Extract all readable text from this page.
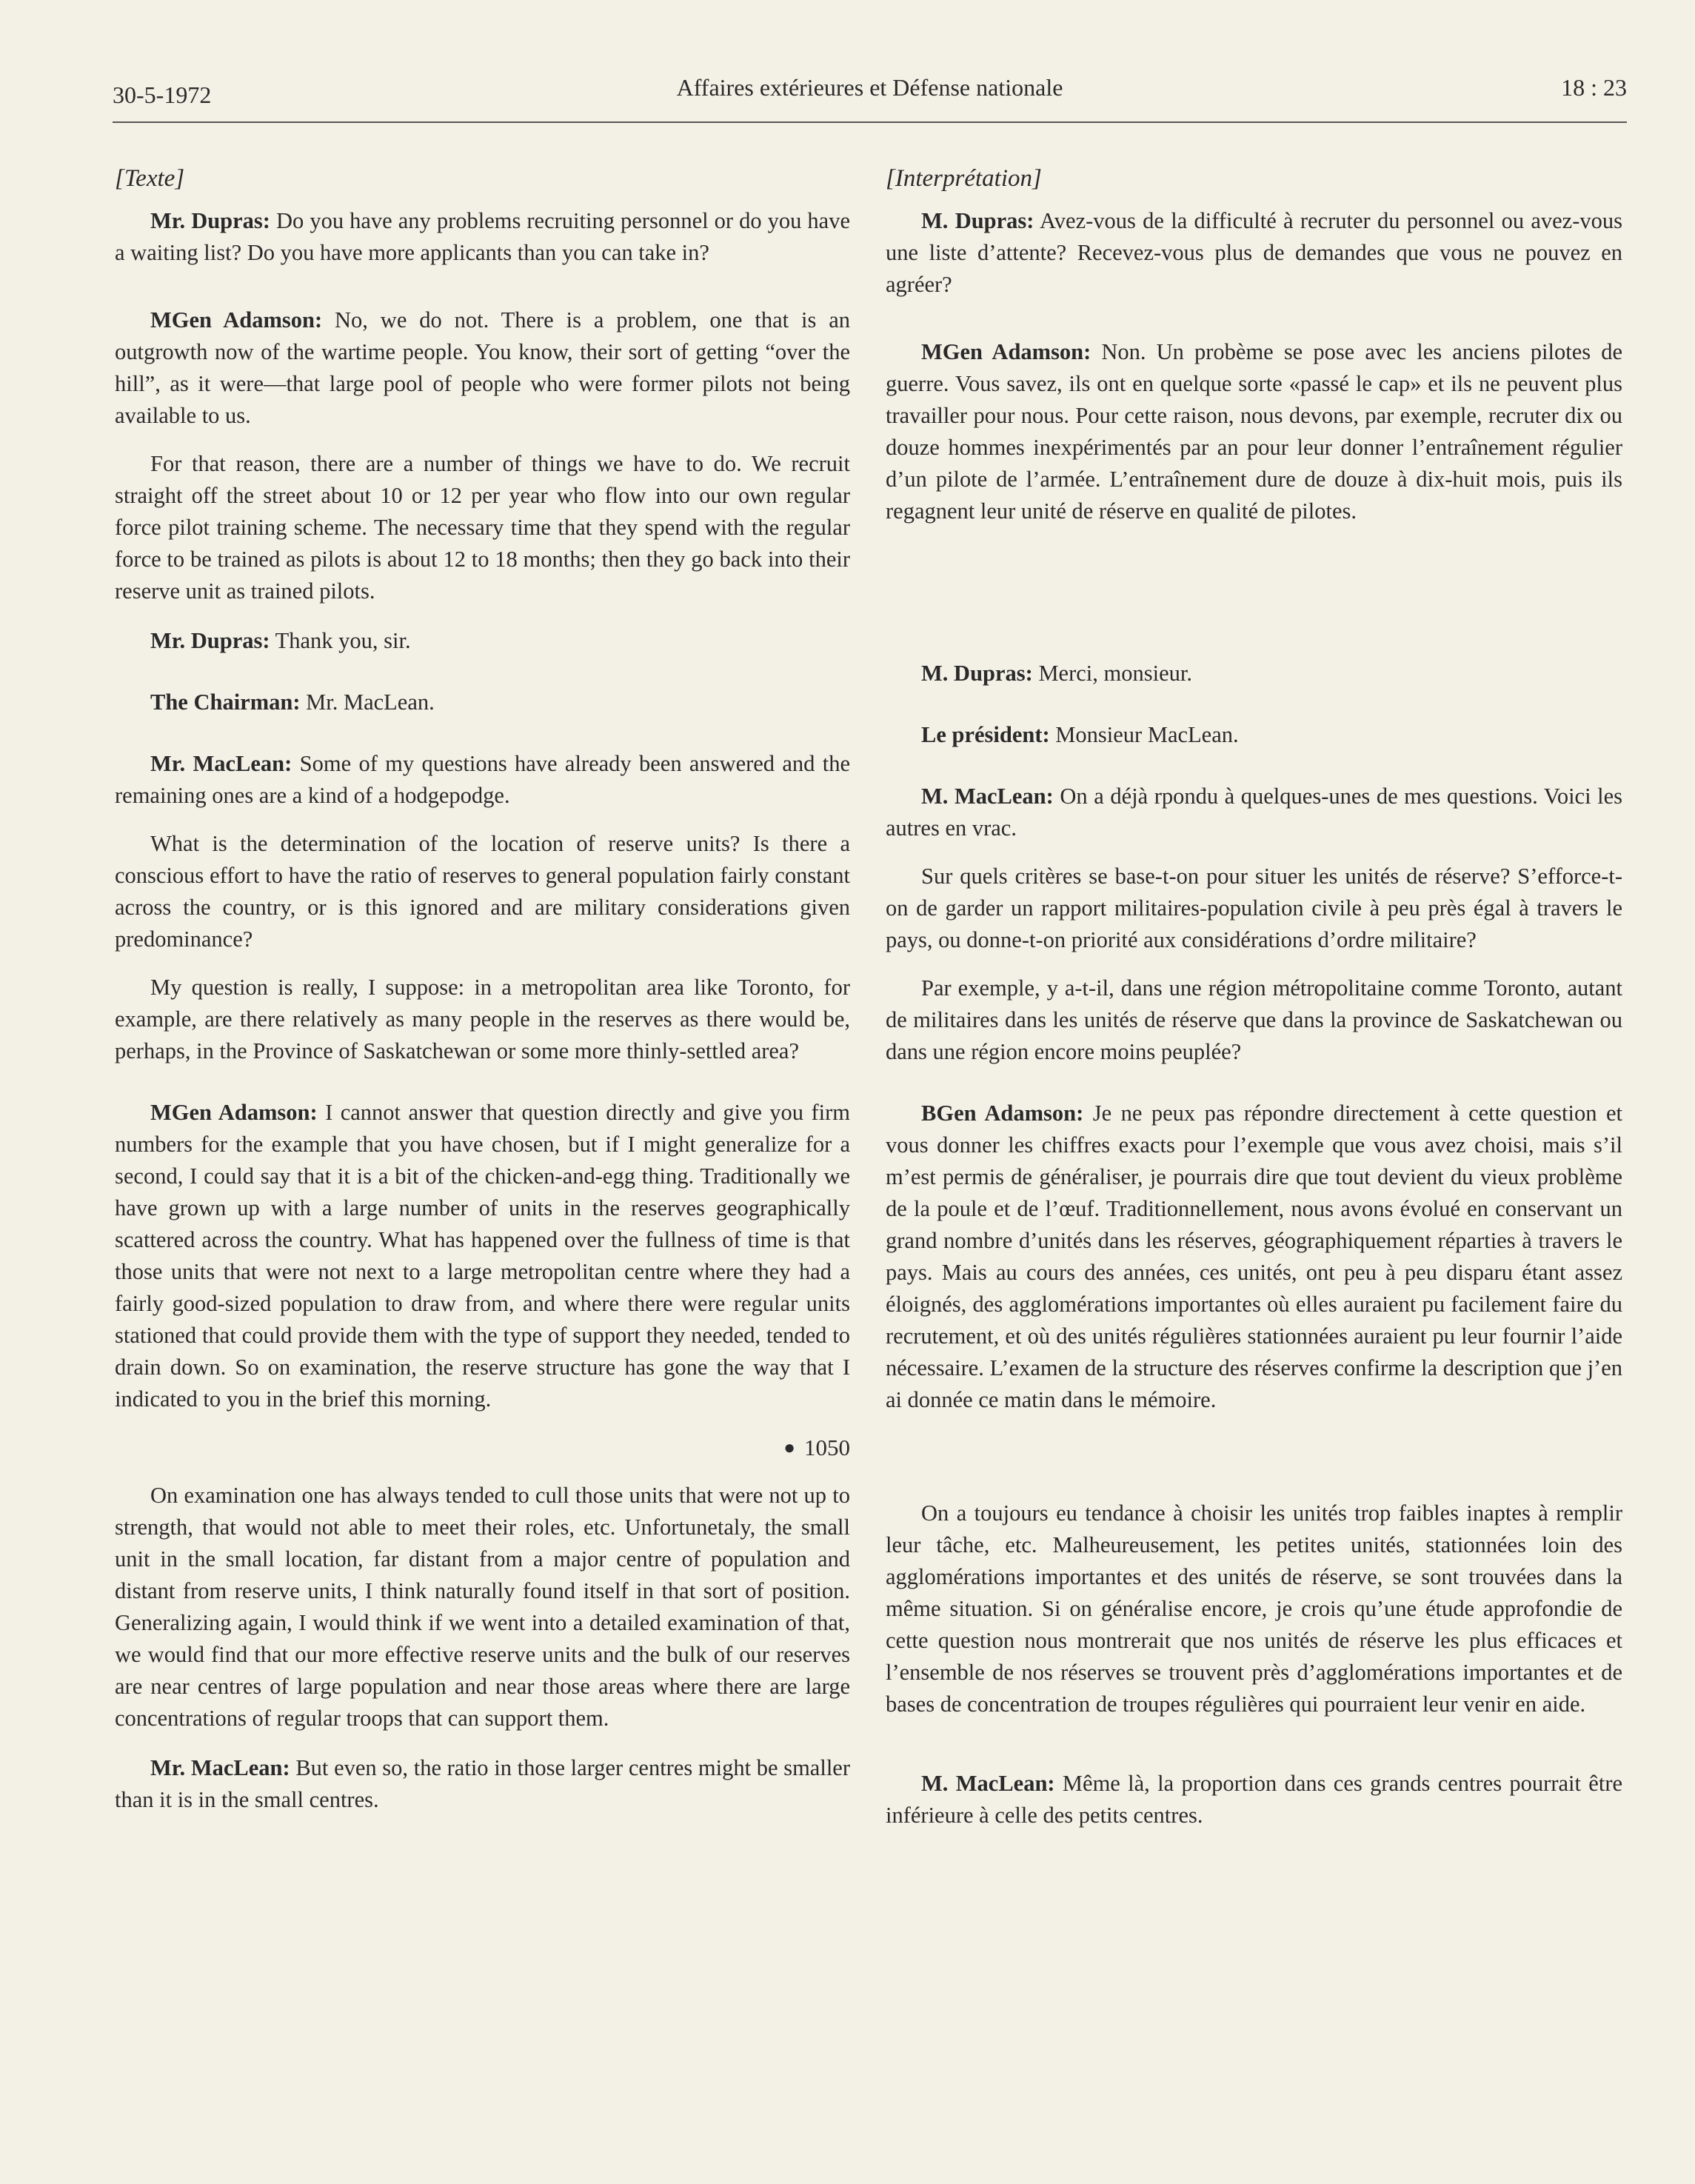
30-5-1972	Affaires extérieures et Défense nationale	18 : 23
[Texte]

Mr. Dupras: Do you have any problems recruiting personnel or do you have a waiting list? Do you have more applicants than you can take in?

MGen Adamson: No, we do not. There is a problem, one that is an outgrowth now of the wartime people. You know, their sort of getting “over the hill”, as it were—that large pool of people who were former pilots not being available to us.

For that reason, there are a number of things we have to do. We recruit straight off the street about 10 or 12 per year who flow into our own regular force pilot training scheme. The necessary time that they spend with the regular force to be trained as pilots is about 12 to 18 months; then they go back into their reserve unit as trained pilots.

Mr. Dupras: Thank you, sir.

The Chairman: Mr. MacLean.

Mr. MacLean: Some of my questions have already been answered and the remaining ones are a kind of a hodgepodge.

What is the determination of the location of reserve units? Is there a conscious effort to have the ratio of reserves to general population fairly constant across the country, or is this ignored and are military considerations given predominance?

My question is really, I suppose: in a metropolitan area like Toronto, for example, are there relatively as many people in the reserves as there would be, perhaps, in the Province of Saskatchewan or some more thinly-settled area?

MGen Adamson: I cannot answer that question directly and give you firm numbers for the example that you have chosen, but if I might generalize for a second, I could say that it is a bit of the chicken-and-egg thing. Traditionally we have grown up with a large number of units in the reserves geographically scattered across the country. What has happened over the fullness of time is that those units that were not next to a large metropolitan centre where they had a fairly good-sized population to draw from, and where there were regular units stationed that could provide them with the type of support they needed, tended to drain down. So on examination, the reserve structure has gone the way that I indicated to you in the brief this morning.

● 1050

On examination one has always tended to cull those units that were not up to strength, that would not able to meet their roles, etc. Unfortunetaly, the small unit in the small location, far distant from a major centre of population and distant from reserve units, I think naturally found itself in that sort of position. Generalizing again, I would think if we went into a detailed examination of that, we would find that our more effective reserve units and the bulk of our reserves are near centres of large population and near those areas where there are large concentrations of regular troops that can support them.

Mr. MacLean: But even so, the ratio in those larger centres might be smaller than it is in the small centres.

[Interprétation]

M. Dupras: Avez-vous de la difficulté à recruter du personnel ou avez-vous une liste d’attente? Recevez-vous plus de demandes que vous ne pouvez en agréer?

MGen Adamson: Non. Un probème se pose avec les anciens pilotes de guerre. Vous savez, ils ont en quelque sorte «passé le cap» et ils ne peuvent plus travailler pour nous. Pour cette raison, nous devons, par exemple, recruter dix ou douze hommes inexpérimentés par an pour leur donner l’entraînement régulier d’un pilote de l’armée. L’entraînement dure de douze à dix-huit mois, puis ils regagnent leur unité de réserve en qualité de pilotes.

M. Dupras: Merci, monsieur.

Le président: Monsieur MacLean.

M. MacLean: On a déjà rpondu à quelques-unes de mes questions. Voici les autres en vrac.

Sur quels critères se base-t-on pour situer les unités de réserve? S’efforce-t-on de garder un rapport militaires-population civile à peu près égal à travers le pays, ou donne-t-on priorité aux considérations d’ordre militaire?

Par exemple, y a-t-il, dans une région métropolitaine comme Toronto, autant de militaires dans les unités de réserve que dans la province de Saskatchewan ou dans une région encore moins peuplée?

BGen Adamson: Je ne peux pas répondre directement à cette question et vous donner les chiffres exacts pour l’exemple que vous avez choisi, mais s’il m’est permis de généraliser, je pourrais dire que tout devient du vieux problème de la poule et de l’œuf. Traditionnellement, nous avons évolué en conservant un grand nombre d’unités dans les réserves, géographiquement réparties à travers le pays. Mais au cours des années, ces unités, ont peu à peu disparu étant assez éloignés, des agglomérations importantes où elles auraient pu facilement faire du recrutement, et où des unités régulières stationnées auraient pu leur fournir l’aide nécessaire. L’examen de la structure des réserves confirme la description que j’en ai donnée ce matin dans le mémoire.

On a toujours eu tendance à choisir les unités trop faibles inaptes à remplir leur tâche, etc. Malheureusement, les petites unités, stationnées loin des agglomérations importantes et des unités de réserve, se sont trouvées dans la même situation. Si on généralise encore, je crois qu’une étude approfondie de cette question nous montrerait que nos unités de réserve les plus efficaces et l’ensemble de nos réserves se trouvent près d’agglomérations importantes et de bases de concentration de troupes régulières qui pourraient leur venir en aide.

M. MacLean: Même là, la proportion dans ces grands centres pourrait être inférieure à celle des petits centres.
